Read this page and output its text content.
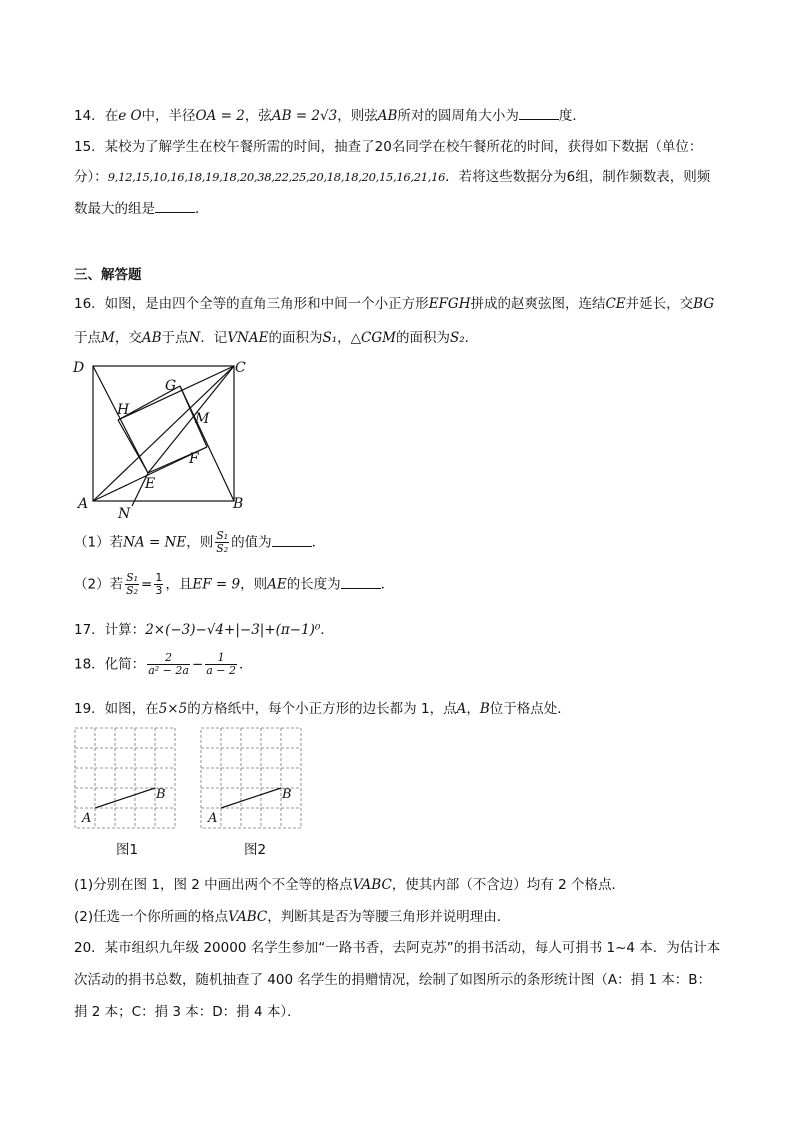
14．在e O中，半径OA = 2，弦AB = 2√3，则弦AB所对的圆周角大小为	度．
15．某校为了解学生在校午餐所需的时间，抽查了20名同学在校午餐所花的时间，获得如下数据（单位：
分）：9,12,15,10,16,18,19,18,20,38,22,25,20,18,18,20,15,16,21,16．若将这些数据分为6组，制作频数表，则频
数最大的组是	．
三、解答题
16．如图，是由四个全等的直角三角形和中间一个小正方形EFGH拼成的赵爽弦图，连结CE并延长，交BG
于点M，交AB于点N．记VNAE的面积为S₁，△CGM的面积为S₂．
D	C
A	B
G
H
M
F
E
N
（1）若NA = NE，则 $\frac{\text{S₁}}{\text{S₂}}$ 的值为	．
（2）若 $\frac{\text{S₁}}{\text{S₂}} = \frac{1}{3}$ ，且EF = 9，则AE的长度为	．
17．计算：2×(−3)−√4+|−3|+(π−1)⁰．
18．化简： $\frac{2}{\text{a² − 2a}} - \frac{1}{a - 2}$ ．
19．如图，在5×5的方格纸中，每个小正方形的边长都为 1，点A，B位于格点处．
A
B
图1
A
B
图2
(1)分别在图 1，图 2 中画出两个不全等的格点VABC，使其内部（不含边）均有 2 个格点．
(2)任选一个你所画的格点VABC，判断其是否为等腰三角形并说明理由．
20．某市组织九年级 20000 名学生参加“一路书香，去阿克苏”的捐书活动，每人可捐书 1~4 本．为估计本
次活动的捐书总数，随机抽查了 400 名学生的捐赠情况，绘制了如图所示的条形统计图（A：捐 1 本：B：
捐 2 本；C：捐 3 本：D：捐 4 本）．
